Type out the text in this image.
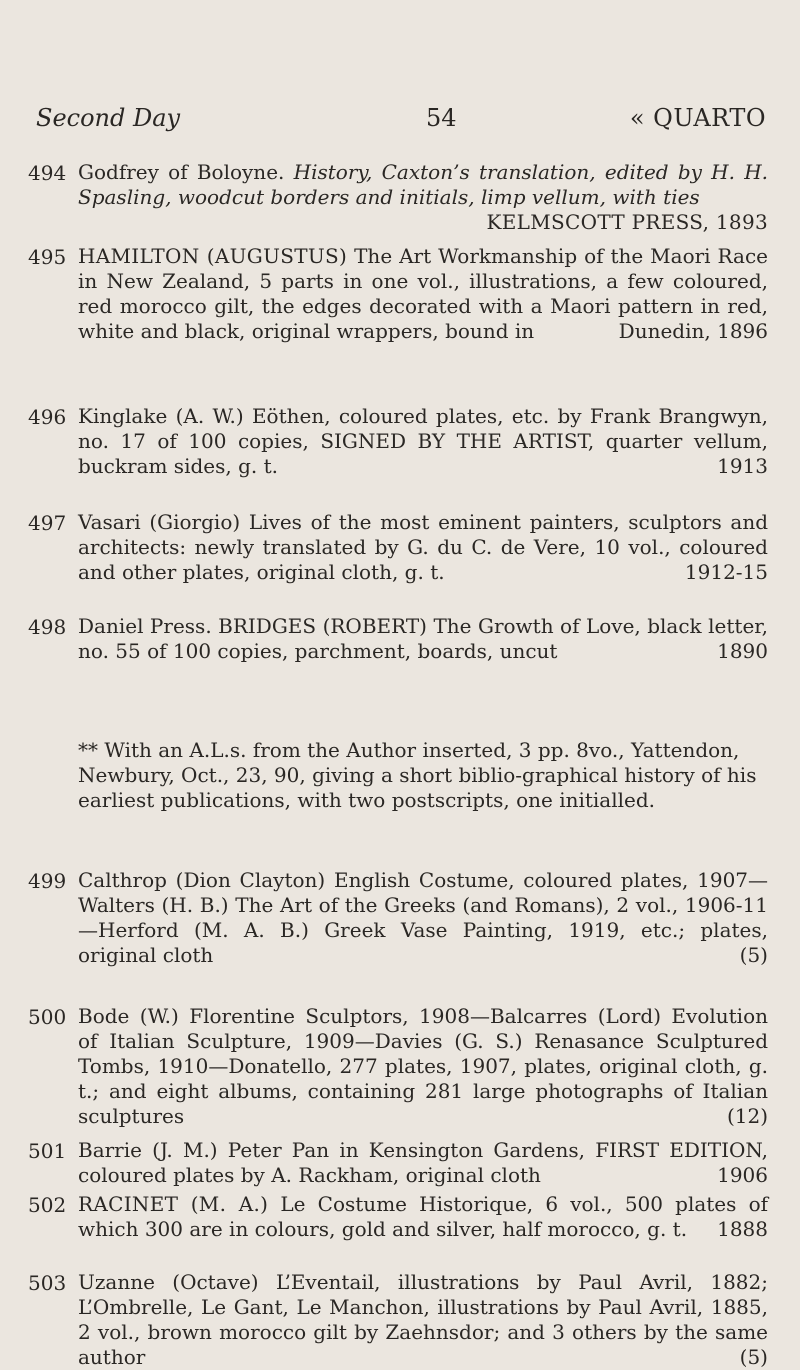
Second Day	54	« QUARTO
494 Godfrey of Boloyne. History, Caxton’s translation, edited by H. H. Spasling, woodcut borders and initials, limp vellum, with ties
KELMSCOTT PRESS, 1893
495 HAMILTON (AUGUSTUS) The Art Workmanship of the Maori Race in New Zealand, 5 parts in one vol., illustrations, a few coloured, red morocco gilt, the edges decorated with a Maori pattern in red, white and black, original wrappers, bound in	Dunedin, 1896
496 Kinglake (A. W.) Eöthen, coloured plates, etc. by Frank Brangwyn, no. 17 of 100 copies, SIGNED BY THE ARTIST, quarter vellum, buckram sides, g. t.	1913
497 Vasari (Giorgio) Lives of the most eminent painters, sculptors and architects: newly translated by G. du C. de Vere, 10 vol., coloured and other plates, original cloth, g. t.	1912-15
498 Daniel Press. BRIDGES (ROBERT) The Growth of Love, black letter, no. 55 of 100 copies, parchment, boards, uncut	1890
** With an A.L.s. from the Author inserted, 3 pp. 8vo., Yattendon, Newbury, Oct., 23, 90, giving a short biblio-graphical history of his earliest publications, with two postscripts, one initialled.
499 Calthrop (Dion Clayton) English Costume, coloured plates, 1907—Walters (H. B.) The Art of the Greeks (and Romans), 2 vol., 1906-11—Herford (M. A. B.) Greek Vase Painting, 1919, etc.; plates, original cloth	(5)
500 Bode (W.) Florentine Sculptors, 1908—Balcarres (Lord) Evolution of Italian Sculpture, 1909—Davies (G. S.) Renasance Sculptured Tombs, 1910—Donatello, 277 plates, 1907, plates, original cloth, g. t.; and eight albums, containing 281 large photographs of Italian sculptures	(12)
501 Barrie (J. M.) Peter Pan in Kensington Gardens, FIRST EDITION, coloured plates by A. Rackham, original cloth	1906
502 RACINET (M. A.) Le Costume Historique, 6 vol., 500 plates of which 300 are in colours, gold and silver, half morocco, g. t. 1888
503 Uzanne (Octave) L’Eventail, illustrations by Paul Avril, 1882; L’Ombrelle, Le Gant, Le Manchon, illustrations by Paul Avril, 1885, 2 vol., brown morocco gilt by Zaehnsdor; and 3 others by the same author	(5)
